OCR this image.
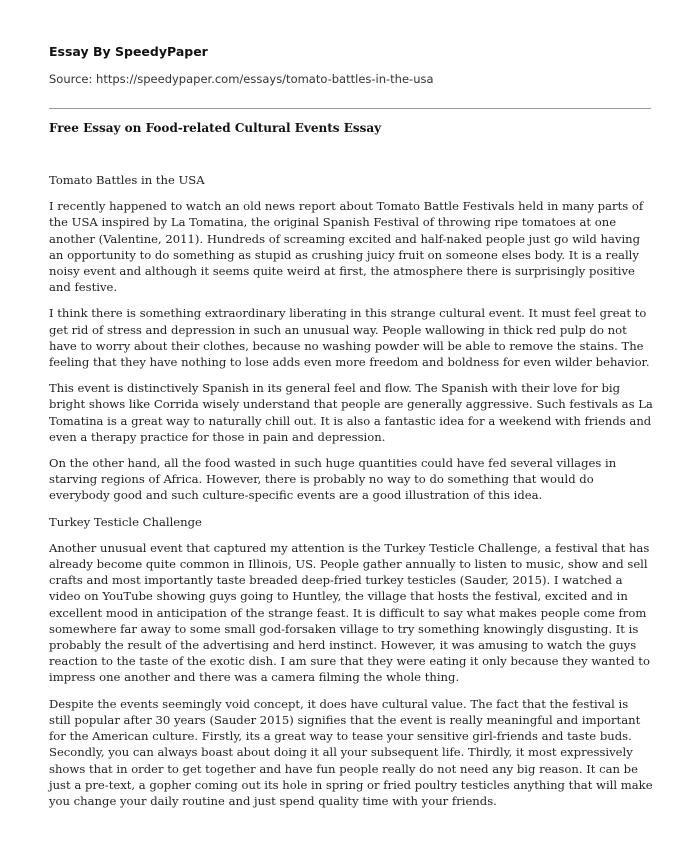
Essay By SpeedyPaper
Source: https://speedypaper.com/essays/tomato-battles-in-the-usa
Free Essay on Food-related Cultural Events Essay

Tomato Battles in the USA

I recently happened to watch an old news report about Tomato Battle Festivals held in many parts of the USA inspired by La Tomatina, the original Spanish Festival of throwing ripe tomatoes at one another (Valentine, 2011). Hundreds of screaming excited and half-naked people just go wild having an opportunity to do something as stupid as crushing juicy fruit on someone elses body. It is a really noisy event and although it seems quite weird at first, the atmosphere there is surprisingly positive and festive.

I think there is something extraordinary liberating in this strange cultural event. It must feel great to get rid of stress and depression in such an unusual way. People wallowing in thick red pulp do not have to worry about their clothes, because no washing powder will be able to remove the stains. The feeling that they have nothing to lose adds even more freedom and boldness for even wilder behavior.

This event is distinctively Spanish in its general feel and flow. The Spanish with their love for big bright shows like Corrida wisely understand that people are generally aggressive. Such festivals as La Tomatina is a great way to naturally chill out. It is also a fantastic idea for a weekend with friends and even a therapy practice for those in pain and depression.

On the other hand, all the food wasted in such huge quantities could have fed several villages in starving regions of Africa. However, there is probably no way to do something that would do everybody good and such culture-specific events are a good illustration of this idea.

Turkey Testicle Challenge

Another unusual event that captured my attention is the Turkey Testicle Challenge, a festival that has already become quite common in Illinois, US. People gather annually to listen to music, show and sell crafts and most importantly taste breaded deep-fried turkey testicles (Sauder, 2015). I watched a video on YouTube showing guys going to Huntley, the village that hosts the festival, excited and in excellent mood in anticipation of the strange feast. It is difficult to say what makes people come from somewhere far away to some small god-forsaken village to try something knowingly disgusting. It is probably the result of the advertising and herd instinct. However, it was amusing to watch the guys reaction to the taste of the exotic dish. I am sure that they were eating it only because they wanted to impress one another and there was a camera filming the whole thing.

Despite the events seemingly void concept, it does have cultural value. The fact that the festival is still popular after 30 years (Sauder 2015) signifies that the event is really meaningful and important for the American culture. Firstly, its a great way to tease your sensitive girl-friends and taste buds. Secondly, you can always boast about doing it all your subsequent life. Thirdly, it most expressively shows that in order to get together and have fun people really do not need any big reason. It can be just a pre-text, a gopher coming out its hole in spring or fried poultry testicles anything that will make you change your daily routine and just spend quality time with your friends.
